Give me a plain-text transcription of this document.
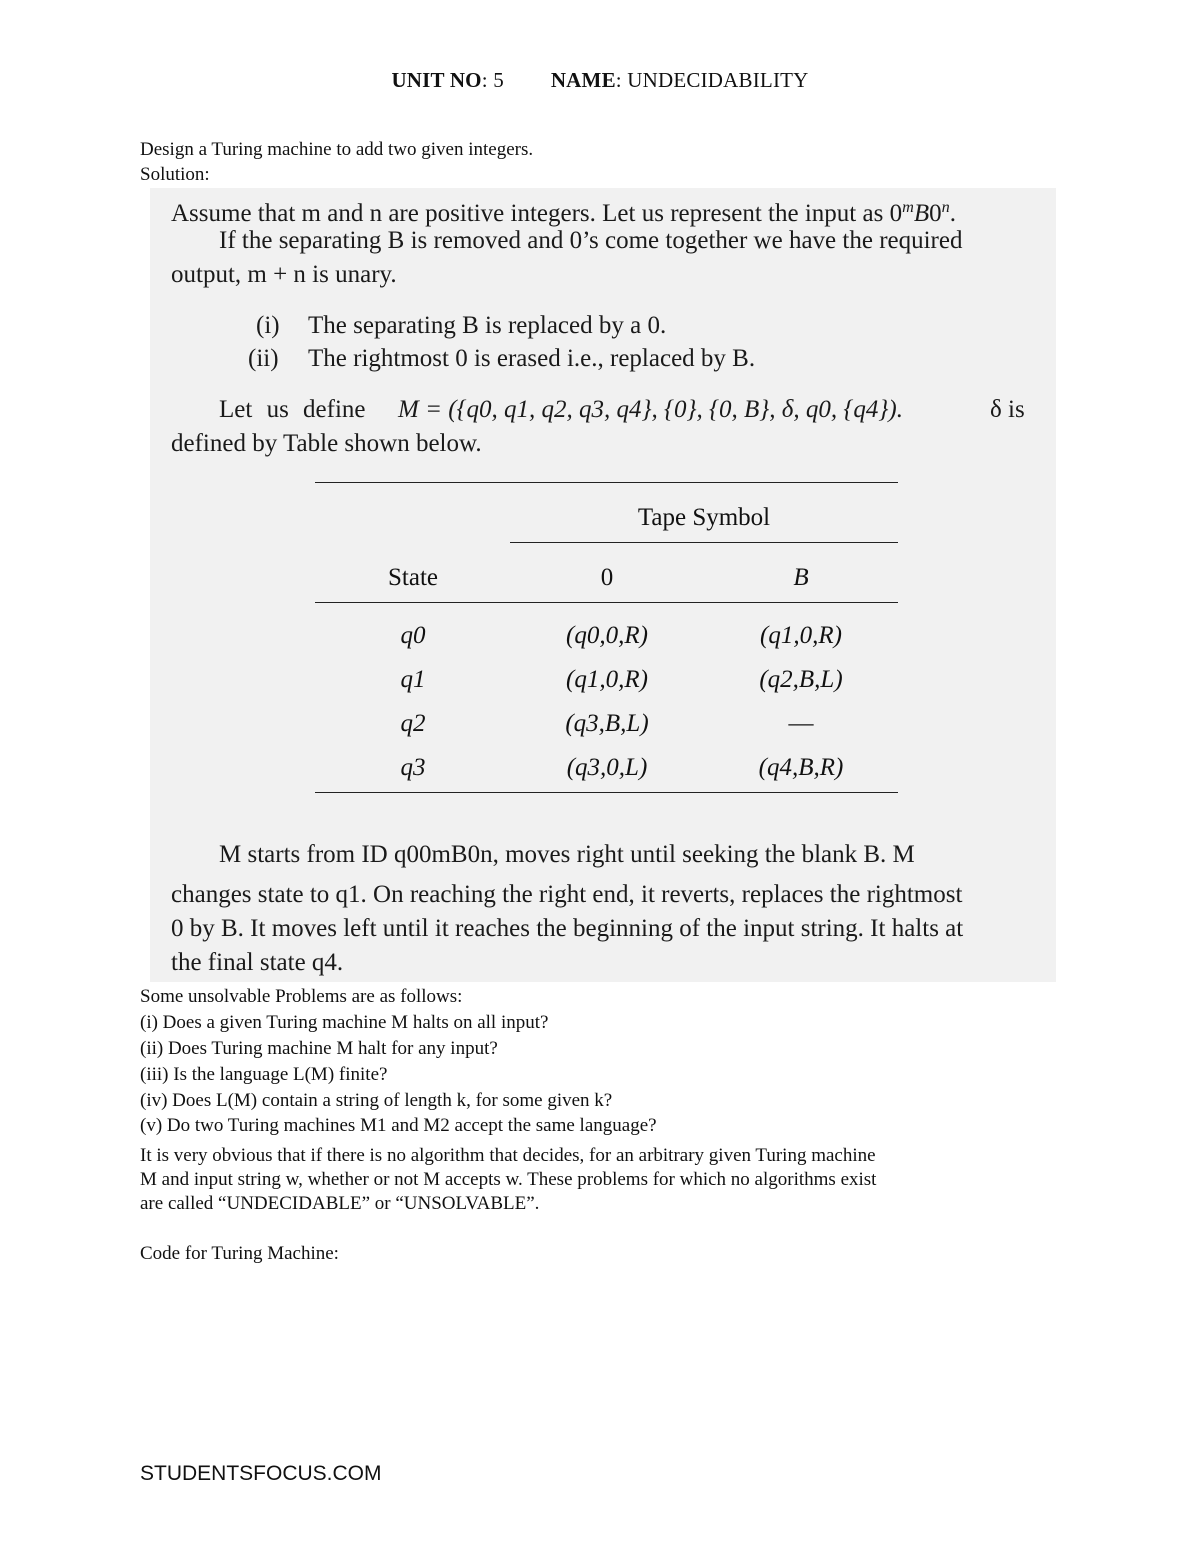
UNIT NO: 5 NAME: UNDECIDABILITY
Design a Turing machine to add two given integers.
Solution:
Assume that m and n are positive integers. Let us represent the input as 0$^m$B0$^n$.
If the separating B is removed and 0’s come together we have the required
output, m + n is unary.
(i) The separating B is replaced by a 0.
(ii) The rightmost 0 is erased i.e., replaced by B.
Let us define M = ({q0, q1, q2, q3, q4}, {0}, {0, B}, δ, q0, {q4}).	δ is
defined by Table shown below.
Tape Symbol
State	0	B
q0	(q0,0,R)	(q1,0,R)
q1	(q1,0,R)	(q2,B,L)
q2	(q3,B,L)	—
q3	(q3,0,L)	(q4,B,R)
M starts from ID q00mB0n, moves right until seeking the blank B. M
changes state to q1. On reaching the right end, it reverts, replaces the rightmost
0 by B. It moves left until it reaches the beginning of the input string. It halts at
the final state q4.
Some unsolvable Problems are as follows:
(i) Does a given Turing machine M halts on all input?
(ii) Does Turing machine M halt for any input?
(iii) Is the language L(M) finite?
(iv) Does L(M) contain a string of length k, for some given k?
(v) Do two Turing machines M1 and M2 accept the same language?
It is very obvious that if there is no algorithm that decides, for an arbitrary given Turing machine
M and input string w, whether or not M accepts w. These problems for which no algorithms exist
are called “UNDECIDABLE” or “UNSOLVABLE”.
Code for Turing Machine:
STUDENTSFOCUS.COM
